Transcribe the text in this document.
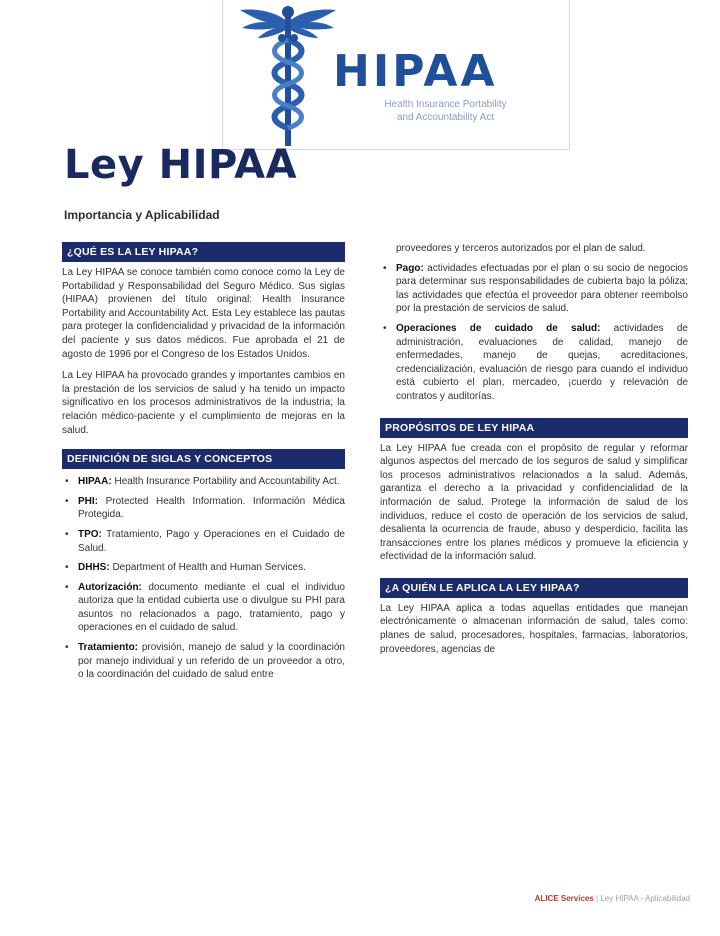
HIPAA
Health Insurance Portability
and Accountability Act
Ley HIPAA
Importancia y Aplicabilidad
¿QUÉ ES LA LEY HIPAA?

La Ley HIPAA se conoce también como conoce como la Ley de Portabilidad y Responsabilidad del Seguro Médico. Sus siglas (HIPAA) provienen del título original: Health Insurance Portability and Accountability Act. Esta Ley establece las pautas para proteger la confidencialidad y privacidad de la información del paciente y sus datos médicos. Fue aprobada el 21 de agosto de 1996 por el Congreso de los Estados Unidos.

La Ley HIPAA ha provocado grandes y importantes cambios en la prestación de los servicios de salud y ha tenido un impacto significativo en los procesos administrativos de la industria; la relación médico-paciente y el cumplimiento de mejoras en la salud.

DEFINICIÓN DE SIGLAS Y CONCEPTOS
• HIPAA: Health Insurance Portability and Accountability Act.
• PHI: Protected Health Information. Información Médica Protegida.
• TPO: Tratamiento, Pago y Operaciones en el Cuidado de Salud.
• DHHS: Department of Health and Human Services.
• Autorización: documento mediante el cual el individuo autoriza que la entidad cubierta use o divulgue su PHI para asuntos no relacionados a pago, tratamiento, pago y operaciones en el cuidado de salud.
• Tratamiento: provisión, manejo de salud y la coordinación por manejo individual y un referido de un proveedor a otro, o la coordinación del cuidado de salud entre

proveedores y terceros autorizados por el plan de salud.

• Pago: actividades efectuadas por el plan o su socio de negocios para determinar sus responsabilidades de cubierta bajo la póliza; las actividades que efectúa el proveedor para obtener reembolso por la prestación de servicios de salud.
• Operaciones de cuidado de salud: actividades de administración, evaluaciones de calidad, manejo de enfermedades, manejo de quejas, acreditaciones, credencialización, evaluación de riesgo para cuando el individuo está cubierto el plan, mercadeo, ¡cuerdo y relevación de contratos y auditorías.
PROPÓSITOS DE LEY HIPAA

La Ley HIPAA fue creada con el propósito de regular y reformar algunos aspectos del mercado de los seguros de salud y simplificar los procesos administrativos relacionados a la salud. Además, garantiza el derecho a la privacidad y confidencialidad de la información de salud. Protege la información de salud de los individuos, reduce el costo de operación de los servicios de salud, desalienta la ocurrencia de fraude, abuso y desperdicio, facilita las transacciones entre los planes médicos y promueve la eficiencia y efectividad de la información salud.

¿A QUIÉN LE APLICA LA LEY HIPAA?

La Ley HIPAA aplica a todas aquellas entidades que manejan electrónicamente o almacenan información de salud, tales como: planes de salud, procesadores, hospitales, farmacias, laboratorios, proveedores, agencias de

ALICE Services | Ley HIPAA - Aplicabilidad
